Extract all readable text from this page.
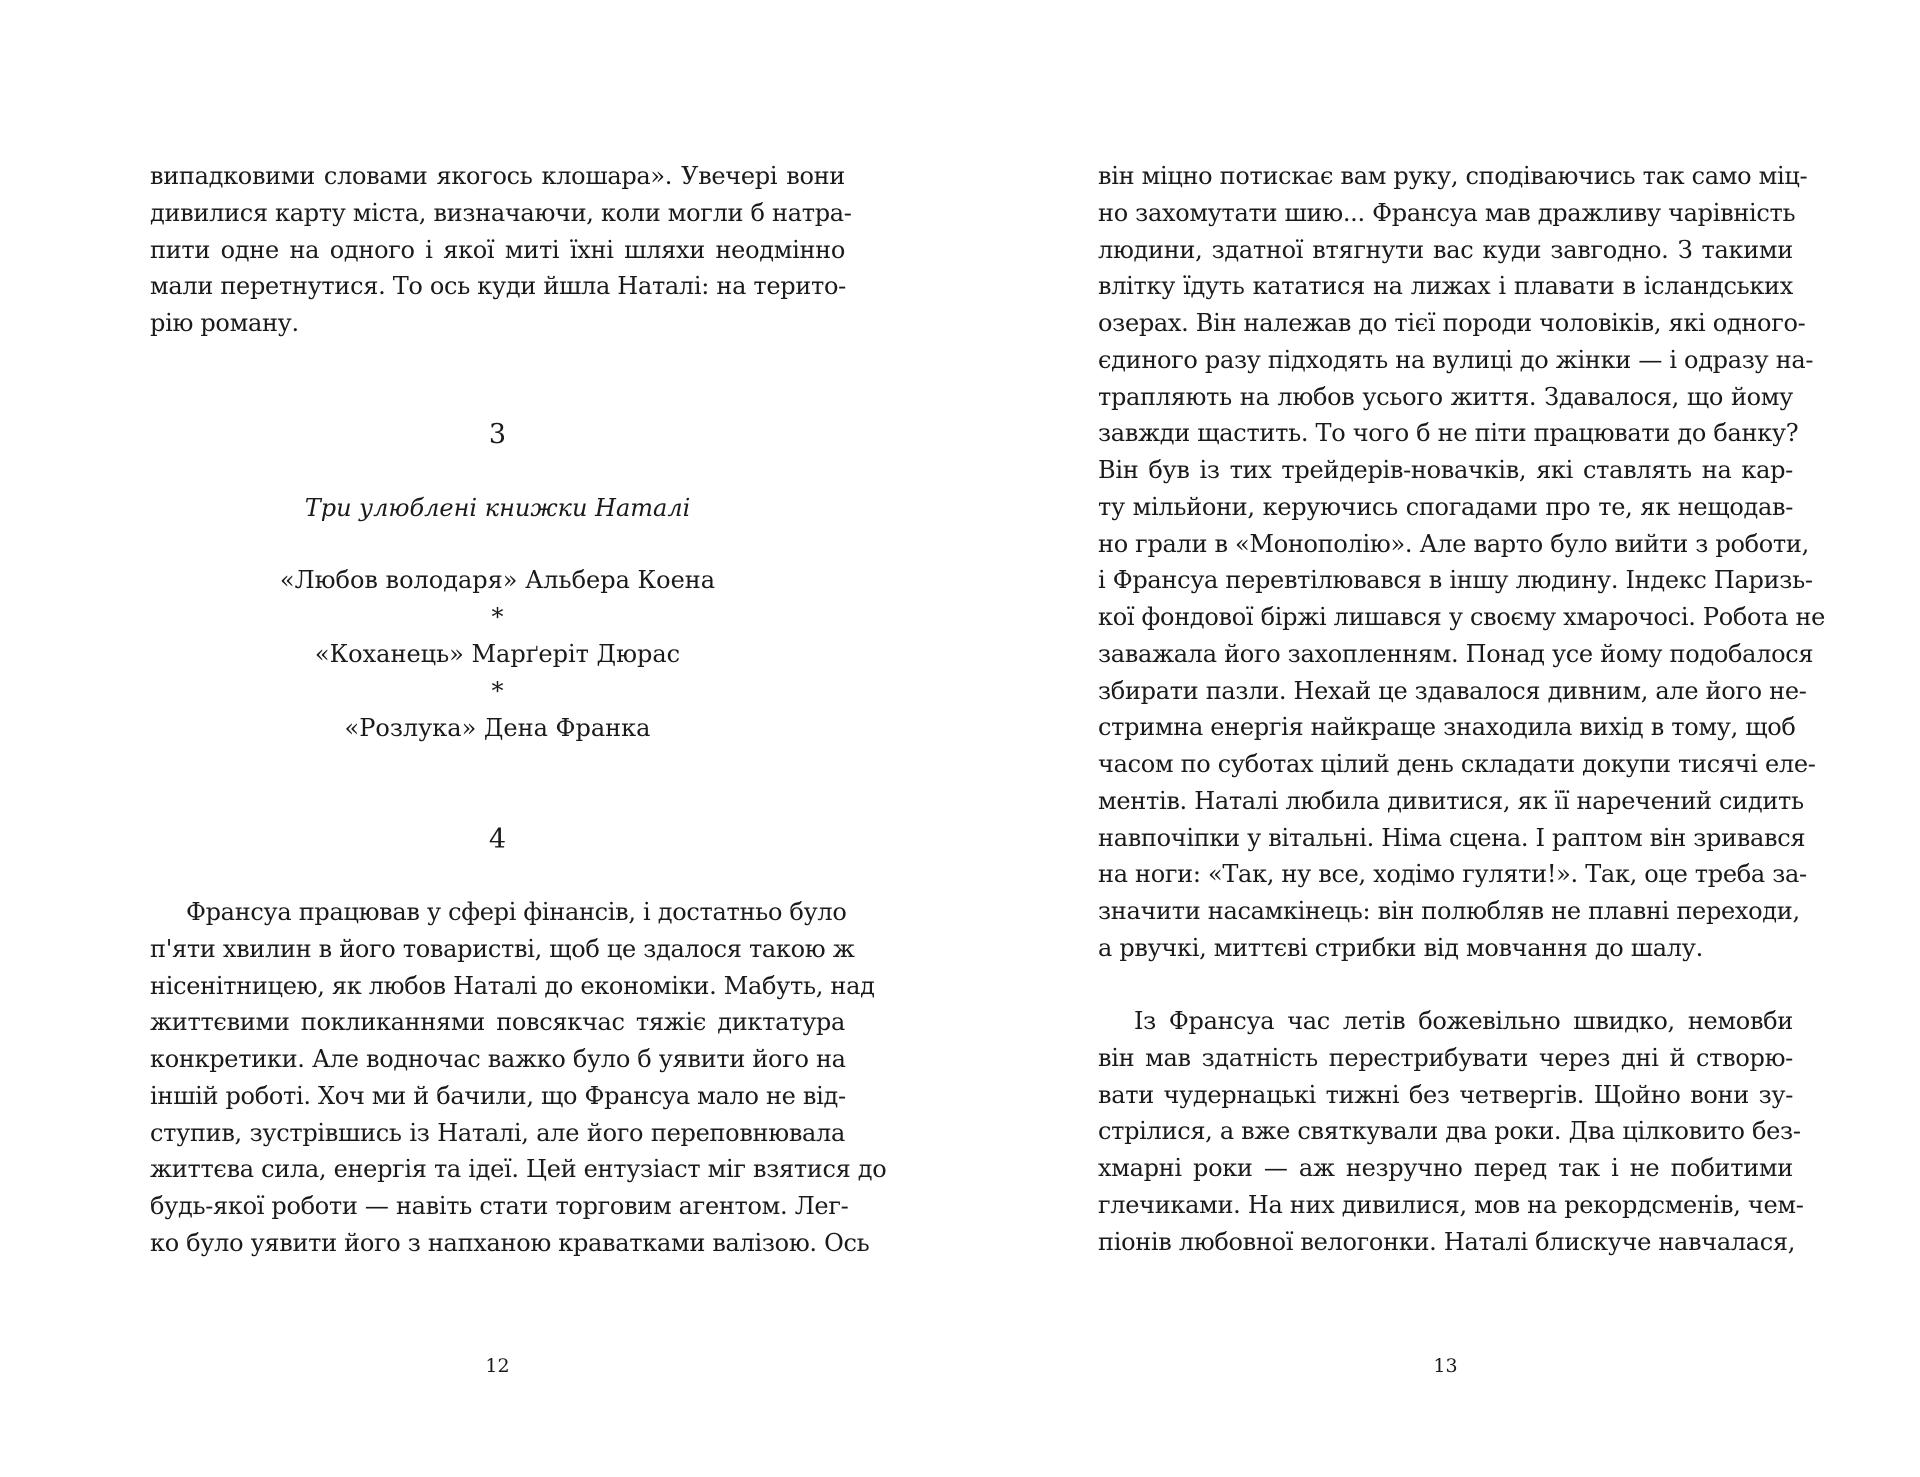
випадковими словами якогось клошара». Увечері вони
дивилися карту міста, визначаючи, коли могли б натра-
пити одне на одного і якої миті їхні шляхи неодмінно
мали перетнутися. То ось куди йшла Наталі: на терито-
рію роману.
3
Три улюблені книжки Наталі
«Любов володаря» Альбера Коена
*
«Коханець» Марґеріт Дюрас
*
«Розлука» Дена Франка
4
Франсуа працював у сфері фінансів, і достатньо було
п'яти хвилин в його товаристві, щоб це здалося такою ж
нісенітницею, як любов Наталі до економіки. Мабуть, над
життєвими покликаннями повсякчас тяжіє диктатура
конкретики. Але водночас важко було б уявити його на
іншій роботі. Хоч ми й бачили, що Франсуа мало не від-
ступив, зустрівшись із Наталі, але його переповнювала
життєва сила, енергія та ідеї. Цей ентузіаст міг взятися до
будь-якої роботи — навіть стати торговим агентом. Лег-
ко було уявити його з напханою краватками валізою. Ось
12
він міцно потискає вам руку, сподіваючись так само міц-
но захомутати шию... Франсуа мав дражливу чарівність
людини, здатної втягнути вас куди завгодно. З такими
влітку їдуть кататися на лижах і плавати в ісландських
озерах. Він належав до тієї породи чоловіків, які одного-
єдиного разу підходять на вулиці до жінки — і одразу на-
трапляють на любов усього життя. Здавалося, що йому
завжди щастить. То чого б не піти працювати до банку?
Він був із тих трейдерів-новачків, які ставлять на кар-
ту мільйони, керуючись спогадами про те, як нещодав-
но грали в «Монополію». Але варто було вийти з роботи,
і Франсуа перевтілювався в іншу людину. Індекс Паризь-
кої фондової біржі лишався у своєму хмарочосі. Робота не
заважала його захопленням. Понад усе йому подобалося
збирати пазли. Нехай це здавалося дивним, але його не-
стримна енергія найкраще знаходила вихід в тому, щоб
часом по суботах цілий день складати докупи тисячі еле-
ментів. Наталі любила дивитися, як її наречений сидить
навпочіпки у вітальні. Німа сцена. І раптом він зривався
на ноги: «Так, ну все, ходімо гуляти!». Так, оце треба за-
значити насамкінець: він полюбляв не плавні переходи,
а рвучкі, миттєві стрибки від мовчання до шалу.
Із Франсуа час летів божевільно швидко, немовби
він мав здатність перестрибувати через дні й створю-
вати чудернацькі тижні без четвергів. Щойно вони зу-
стрілися, а вже святкували два роки. Два цілковито без-
хмарні роки — аж незручно перед так і не побитими
глечиками. На них дивилися, мов на рекордсменів, чем-
піонів любовної велогонки. Наталі блискуче навчалася,
13
